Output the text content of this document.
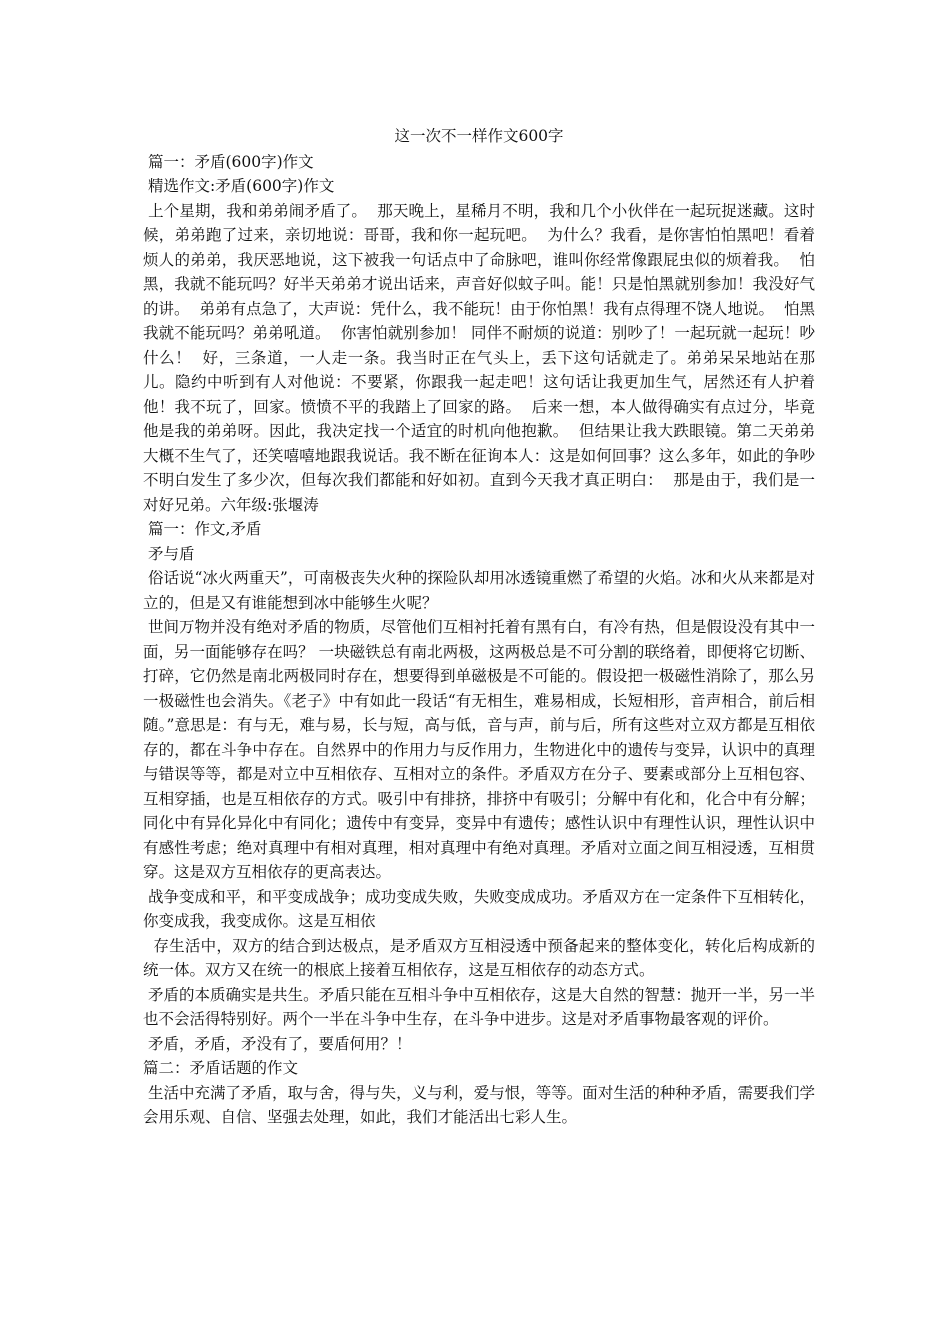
这一次不一样作文600字
篇一：矛盾(600字)作文
精选作文:矛盾(600字)作文
上个星期，我和弟弟闹矛盾了。  那天晚上，星稀月不明，我和几个小伙伴在一起玩捉迷藏。这时候，弟弟跑了过来，亲切地说：哥哥，我和你一起玩吧。  为什么？我看，是你害怕怕黑吧！看着烦人的弟弟，我厌恶地说，这下被我一句话点中了命脉吧，谁叫你经常像跟屁虫似的烦着我。  怕黑，我就不能玩吗？好半天弟弟才说出话来，声音好似蚊子叫。能！只是怕黑就别参加！我没好气的讲。  弟弟有点急了，大声说：凭什么，我不能玩！由于你怕黑！我有点得理不饶人地说。  怕黑我就不能玩吗？弟弟吼道。  你害怕就别参加！ 同伴不耐烦的说道：别吵了！一起玩就一起玩！吵什么！  好，三条道，一人走一条。我当时正在气头上，丢下这句话就走了。弟弟呆呆地站在那儿。隐约中听到有人对他说：不要紧，你跟我一起走吧！这句话让我更加生气，居然还有人护着他！我不玩了，回家。愤愤不平的我踏上了回家的路。  后来一想，本人做得确实有点过分，毕竟他是我的弟弟呀。因此，我决定找一个适宜的时机向他抱歉。  但结果让我大跌眼镜。第二天弟弟大概不生气了，还笑嘻嘻地跟我说话。我不断在征询本人：这是如何回事？这么多年，如此的争吵不明白发生了多少次，但每次我们都能和好如初。直到今天我才真正明白：  那是由于，我们是一对好兄弟。六年级:张堰涛
篇一：作文,矛盾
矛与盾
俗话说“冰火两重天”，可南极丧失火种的探险队却用冰透镜重燃了希望的火焰。冰和火从来都是对立的，但是又有谁能想到冰中能够生火呢？
世间万物并没有绝对矛盾的物质，尽管他们互相衬托着有黑有白，有冷有热，但是假设没有其中一面，另一面能够存在吗？ 一块磁铁总有南北两极，这两极总是不可分割的联络着，即便将它切断、打碎，它仍然是南北两极同时存在，想要得到单磁极是不可能的。假设把一极磁性消除了，那么另一极磁性也会消失。《老子》中有如此一段话“有无相生，难易相成，长短相形，音声相合，前后相随。”意思是：有与无，难与易，长与短，高与低，音与声，前与后，所有这些对立双方都是互相依存的，都在斗争中存在。自然界中的作用力与反作用力，生物进化中的遗传与变异，认识中的真理与错误等等，都是对立中互相依存、互相对立的条件。矛盾双方在分子、要素或部分上互相包容、互相穿插，也是互相依存的方式。吸引中有排挤，排挤中有吸引；分解中有化和，化合中有分解；同化中有异化异化中有同化；遗传中有变异，变异中有遗传；感性认识中有理性认识，理性认识中有感性考虑；绝对真理中有相对真理，相对真理中有绝对真理。矛盾对立面之间互相浸透，互相贯穿。这是双方互相依存的更高表达。
战争变成和平，和平变成战争；成功变成失败，失败变成成功。矛盾双方在一定条件下互相转化，你变成我，我变成你。这是互相依
存生活中，双方的结合到达极点，是矛盾双方互相浸透中预备起来的整体变化，转化后构成新的统一体。双方又在统一的根底上接着互相依存，这是互相依存的动态方式。
矛盾的本质确实是共生。矛盾只能在互相斗争中互相依存，这是大自然的智慧：抛开一半，另一半也不会活得特别好。两个一半在斗争中生存，在斗争中进步。这是对矛盾事物最客观的评价。
矛盾，矛盾，矛没有了，要盾何用？！
篇二：矛盾话题的作文
生活中充满了矛盾，取与舍，得与失，义与利，爱与恨，等等。面对生活的种种矛盾，需要我们学会用乐观、自信、坚强去处理，如此，我们才能活出七彩人生。
